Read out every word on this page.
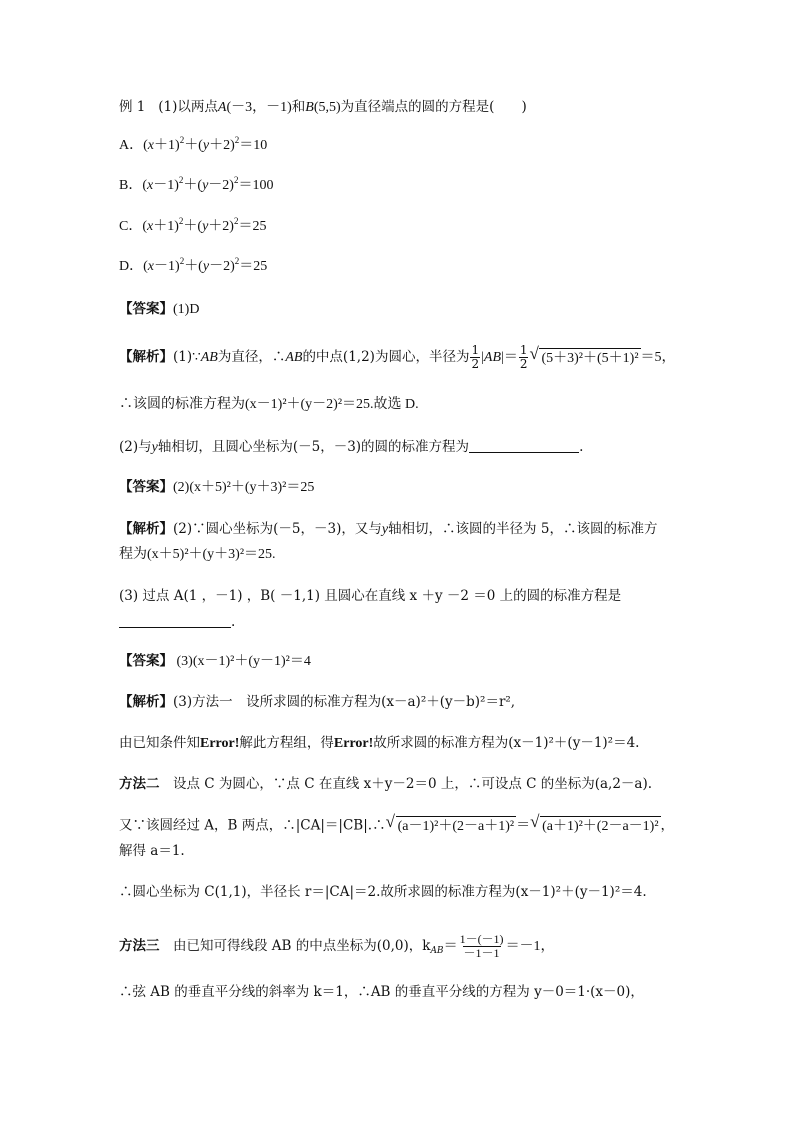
例 1 (1)以两点A(－3，－1)和B(5,5)为直径端点的圆的方程是(　　)
A．$(x+1)^2+(y+2)^2=10$
B．$(x-1)^2+(y-2)^2=100$
C．$(x+1)^2+(y+2)^2=25$
D．$(x-1)^2+(y-2)^2=25$
【答案】(1)D
【解析】(1)∵AB为直径，∴AB的中点(1,2)为圆心，半径为 $\frac{1}{2} |AB|= \frac{1}{2}$ √ (5＋3)²＋(5＋1)² ＝5，
∴该圆的标准方程为(x－1)²＋(y－2)²＝25.故选 D.
(2)与y轴相切，且圆心坐标为(－5，－3)的圆的标准方程为	.
【答案】(2)(x＋5)²＋(y＋3)²＝25
【解析】(2)∵圆心坐标为(－5，－3)，又与y轴相切，∴该圆的半径为 5，∴该圆的标准方
程为(x＋5)²＋(y＋3)²＝25.
(3) 过点 A(1 ，－1) ，B( －1,1) 且圆心在直线 x ＋y －2 ＝0 上的圆的标准方程是
.
【答案】 (3)(x－1)²＋(y－1)²＝4
【解析】(3)方法一　设所求圆的标准方程为(x－a)²＋(y－b)²＝r²,
由已知条件知Error!解此方程组，得Error!故所求圆的标准方程为(x－1)²＋(y－1)²＝4.
方法二　设点 C 为圆心，∵点 C 在直线 x＋y－2＝0 上，∴可设点 C 的坐标为(a,2－a).
又∵该圆经过 A，B 两点，∴|CA|＝|CB|.∴ √ (a－1)²＋(2－a＋1)² ＝ √ (a＋1)²＋(2－a－1)² ，
解得 a＝1.
∴圆心坐标为 C(1,1)，半径长 r＝|CA|＝2.故所求圆的标准方程为(x－1)²＋(y－1)²＝4.
方法三　由已知可得线段 AB 的中点坐标为(0,0)，$k_{AB}= \frac{1-(-1)}{-1-1} =-1$，
∴弦 AB 的垂直平分线的斜率为 k＝1，∴AB 的垂直平分线的方程为 y－0＝1·(x－0)，
